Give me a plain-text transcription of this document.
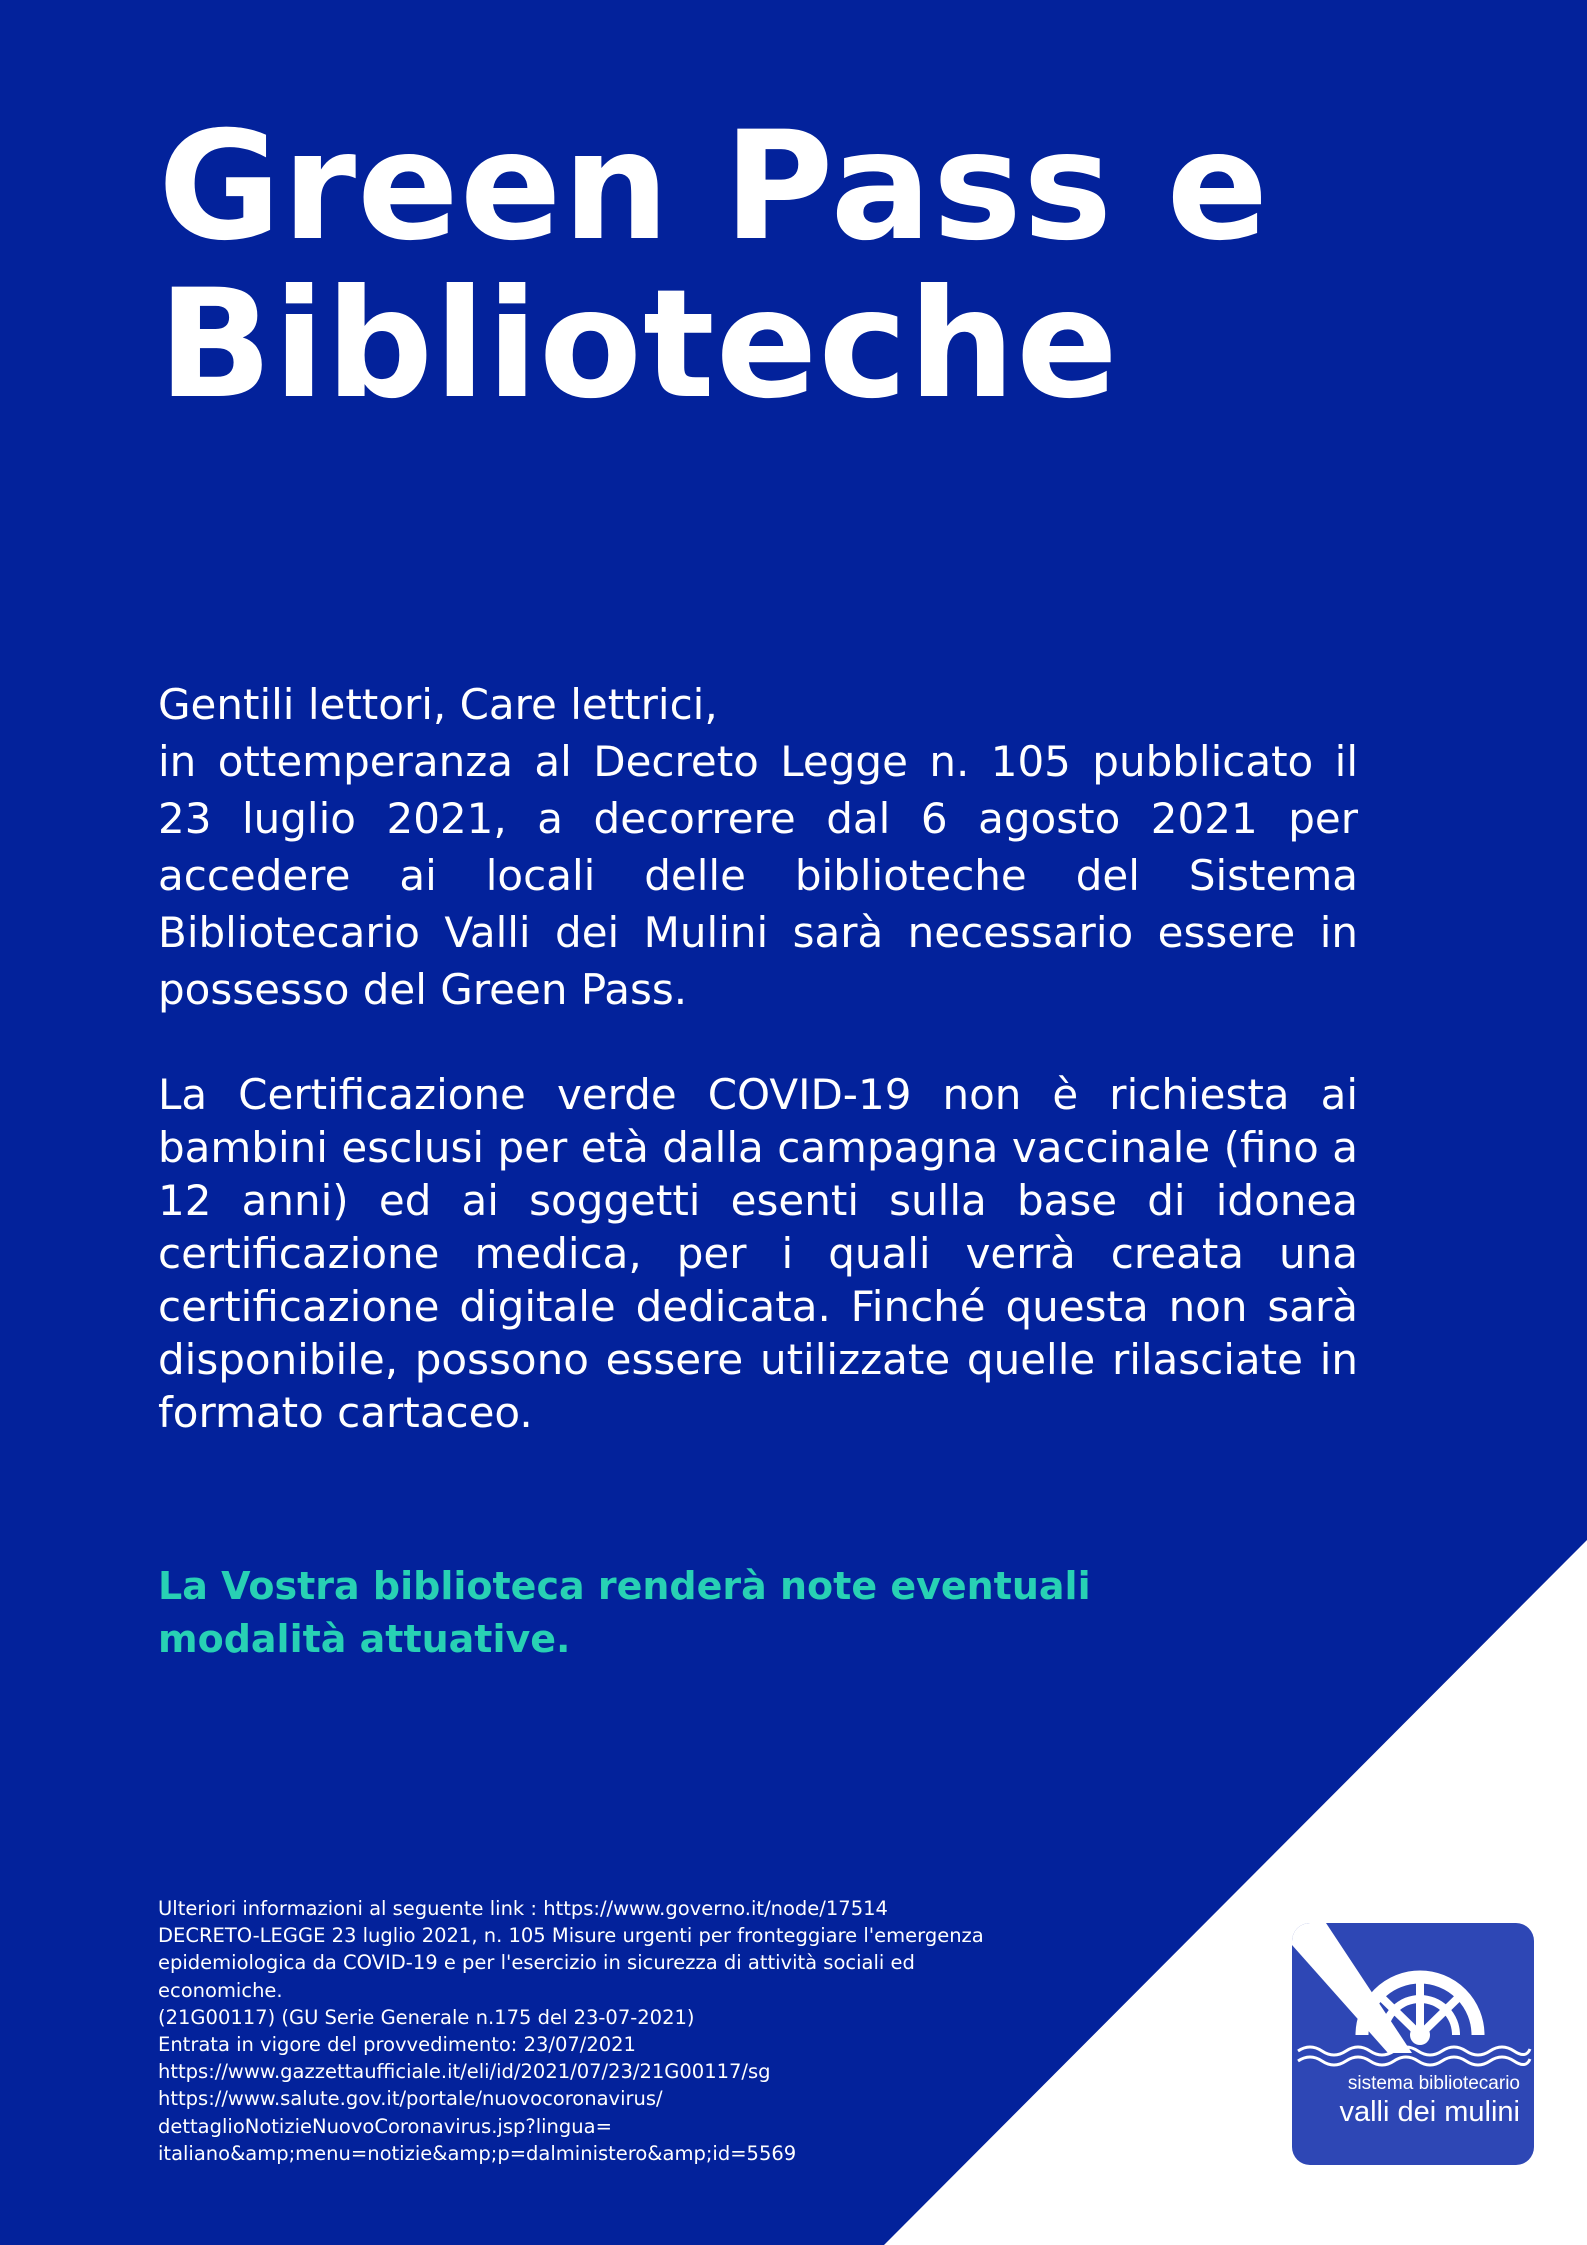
Green Pass e
Biblioteche

Gentili lettori, Care lettrici,
in ottemperanza al Decreto Legge n. 105 pubblicato il 23 luglio 2021, a decorrere dal 6 agosto 2021 per accedere ai locali delle biblioteche del Sistema Bibliotecario Valli dei Mulini sarà necessario essere in possesso del Green Pass.

La Certificazione verde COVID-19 non è richiesta ai bambini esclusi per età dalla campagna vaccinale (fino a 12 anni) ed ai soggetti esenti sulla base di idonea certificazione medica, per i quali verrà creata una certificazione digitale dedicata. Finché questa non sarà disponibile, possono essere utilizzate quelle rilasciate in formato cartaceo.

La Vostra biblioteca renderà note eventuali
modalità attuative.

Ulteriori informazioni al seguente link : https://www.governo.it/node/17514
DECRETO-LEGGE 23 luglio 2021, n. 105 Misure urgenti per fronteggiare l'emergenza
epidemiologica da COVID-19 e per l'esercizio in sicurezza di attività sociali ed
economiche.
(21G00117) (GU Serie Generale n.175 del 23-07-2021)
Entrata in vigore del provvedimento: 23/07/2021
https://www.gazzettaufficiale.it/eli/id/2021/07/23/21G00117/sg
https://www.salute.gov.it/portale/nuovocoronavirus/
dettaglioNotizieNuovoCoronavirus.jsp?lingua=
italiano&amp;menu=notizie&amp;p=dalministero&amp;id=5569
sistema bibliotecario
valli dei mulini
